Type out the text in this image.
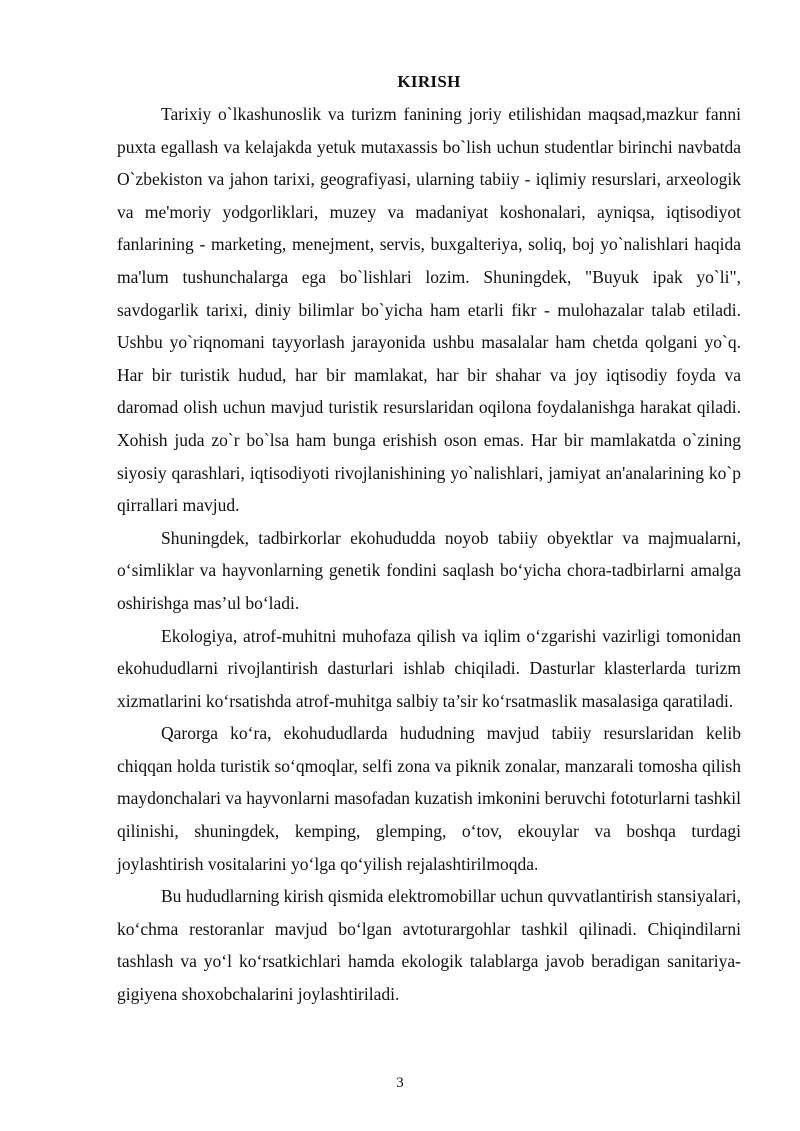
KIRISH

Tarixiy o`lkashunoslik va turizm fanining joriy etilishidan maqsad,mazkur fanni puxta egallash va kelajakda yetuk mutaxassis bo`lish uchun studentlar birinchi navbatda O`zbekiston va jahon tarixi, geografiyasi, ularning tabiiy - iqlimiy resurslari, arxeologik va me'moriy yodgorliklari, muzey va madaniyat koshonalari, ayniqsa, iqtisodiyot fanlarining - marketing, menejment, servis, buxgalteriya, soliq, boj yo`nalishlari haqida ma'lum tushunchalarga ega bo`lishlari lozim. Shuningdek, "Buyuk ipak yo`li", savdogarlik tarixi, diniy bilimlar bo`yicha ham etarli fikr - mulohazalar talab etiladi. Ushbu yo`riqnomani tayyorlash jarayonida ushbu masalalar ham chetda qolgani yo`q. Har bir turistik hudud, har bir mamlakat, har bir shahar va joy iqtisodiy foyda va daromad olish uchun mavjud turistik resurslaridan oqilona foydalanishga harakat qiladi. Xohish juda zo`r bo`lsa ham bunga erishish oson emas. Har bir mamlakatda o`zining siyosiy qarashlari, iqtisodiyoti rivojlanishining yo`nalishlari, jamiyat an'analarining ko`p qirrallari mavjud.

Shuningdek, tadbirkorlar ekohududda noyob tabiiy obyektlar va majmualarni, o‘simliklar va hayvonlarning genetik fondini saqlash bo‘yicha chora-tadbirlarni amalga oshirishga mas’ul bo‘ladi.

Ekologiya, atrof-muhitni muhofaza qilish va iqlim o‘zgarishi vazirligi tomonidan ekohududlarni rivojlantirish dasturlari ishlab chiqiladi. Dasturlar klasterlarda turizm xizmatlarini ko‘rsatishda atrof-muhitga salbiy ta’sir ko‘rsatmaslik masalasiga qaratiladi.

Qarorga ko‘ra, ekohududlarda hududning mavjud tabiiy resurslaridan kelib chiqqan holda turistik so‘qmoqlar, selfi zona va piknik zonalar, manzarali tomosha qilish maydonchalari va hayvonlarni masofadan kuzatish imkonini beruvchi fototurlarni tashkil qilinishi, shuningdek, kemping, glemping, o‘tov, ekouylar va boshqa turdagi joylashtirish vositalarini yo‘lga qo‘yilish rejalashtirilmoqda.

Bu hududlarning kirish qismida elektromobillar uchun quvvatlantirish stansiyalari, ko‘chma restoranlar mavjud bo‘lgan avtoturargohlar tashkil qilinadi. Chiqindilarni tashlash va yo‘l ko‘rsatkichlari hamda ekologik talablarga javob beradigan sanitariya-gigiyena shoxobchalarini joylashtiriladi.

3
